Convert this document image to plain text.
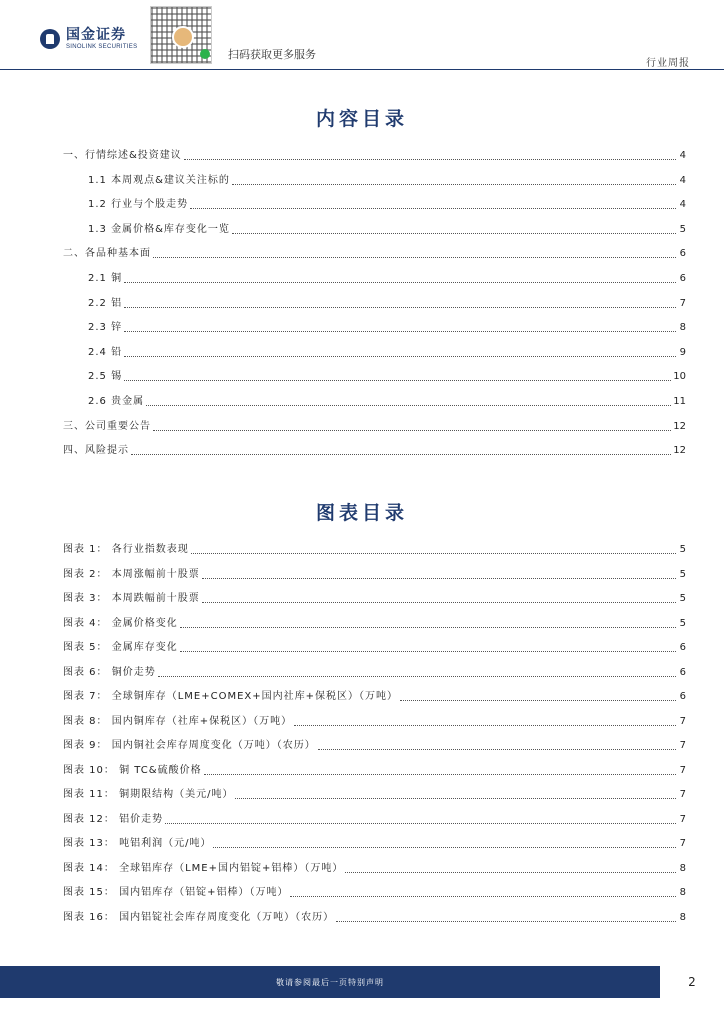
国金证券
SINOLINK SECURITIES
扫码获取更多服务
行业周报
内容目录
一、行情综述&投资建议	4
1.1 本周观点&建议关注标的	4
1.2 行业与个股走势	4
1.3 金属价格&库存变化一览	5
二、各品种基本面	6
2.1 铜	6
2.2 铝	7
2.3 锌	8
2.4 铅	9
2.5 锡	10
2.6 贵金属	11
三、公司重要公告	12
四、风险提示	12
图表目录
图表 1： 各行业指数表现	5
图表 2： 本周涨幅前十股票	5
图表 3： 本周跌幅前十股票	5
图表 4： 金属价格变化	5
图表 5： 金属库存变化	6
图表 6： 铜价走势	6
图表 7： 全球铜库存（LME+COMEX+国内社库+保税区）（万吨）	6
图表 8： 国内铜库存（社库+保税区）（万吨）	7
图表 9： 国内铜社会库存周度变化（万吨）（农历）	7
图表 10： 铜 TC&硫酸价格	7
图表 11： 铜期限结构（美元/吨）	7
图表 12： 铝价走势	7
图表 13： 吨铝利润（元/吨）	7
图表 14： 全球铝库存（LME+国内铝锭+铝棒）（万吨）	8
图表 15： 国内铝库存（铝锭+铝棒）（万吨）	8
图表 16： 国内铝锭社会库存周度变化（万吨）（农历）	8
敬请参阅最后一页特别声明	2
